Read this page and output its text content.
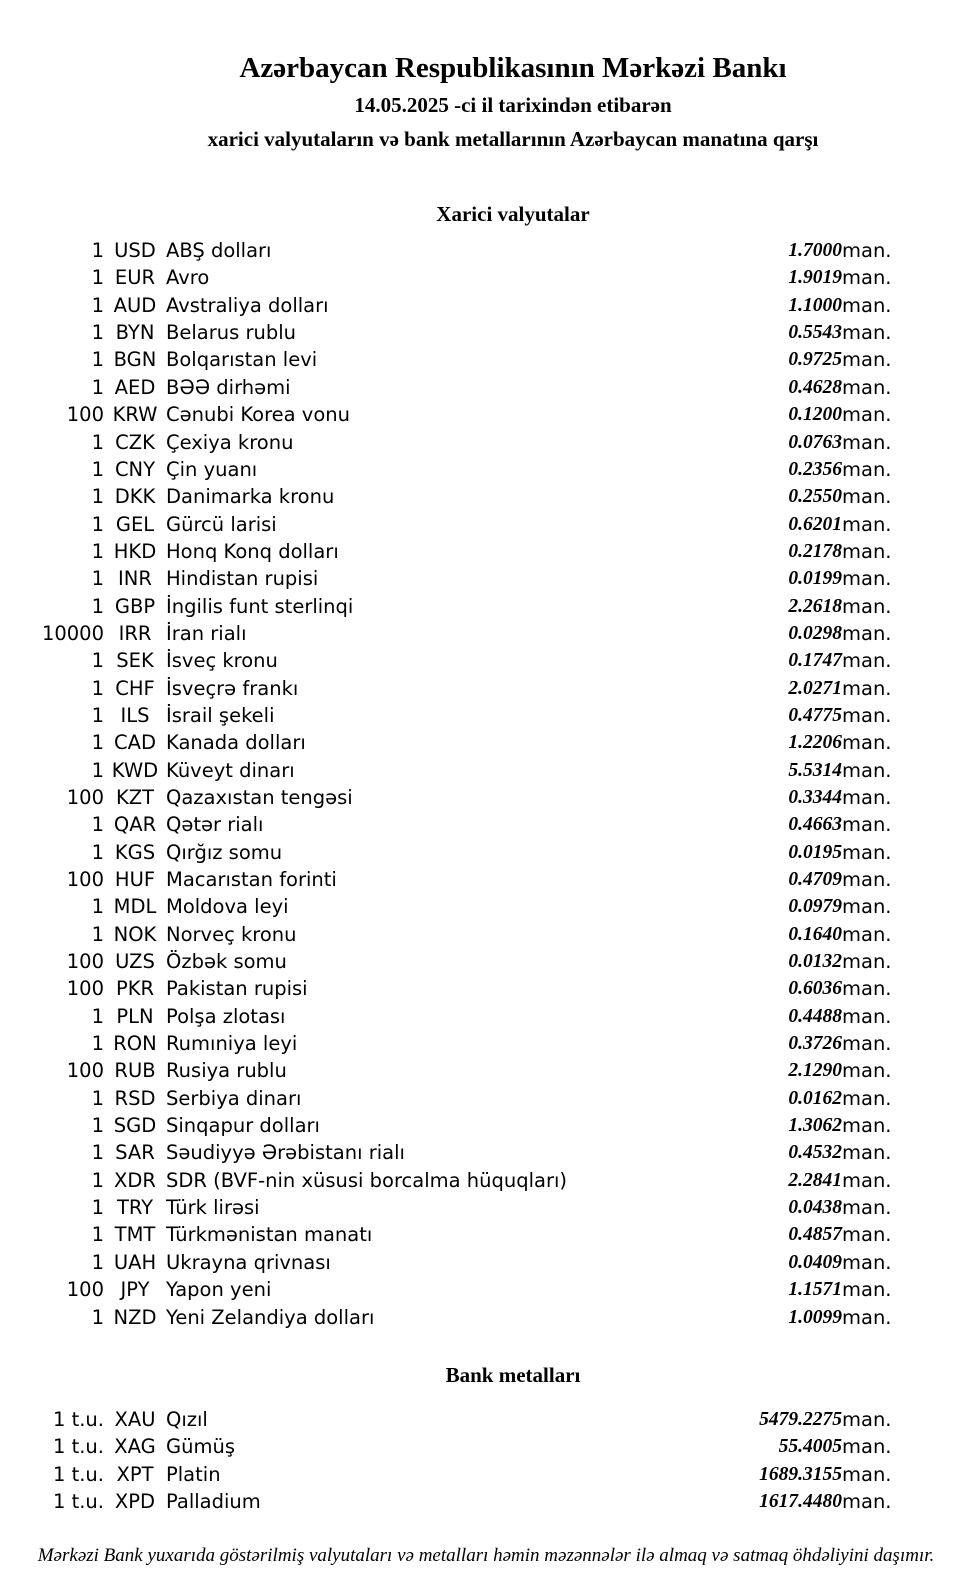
Azərbaycan Respublikasının Mərkəzi Bankı
14.05.2025 -ci il tarixindən etibarən
xarici valyutaların və bank metallarının Azərbaycan manatına qarşı
Xarici valyutalar
1	USD	ABŞ dolları	1.7000	man.
1	EUR	Avro	1.9019	man.
1	AUD	Avstraliya dolları	1.1000	man.
1	BYN	Belarus rublu	0.5543	man.
1	BGN	Bolqarıstan levi	0.9725	man.
1	AED	BƏƏ dirhəmi	0.4628	man.
100	KRW	Cənubi Korea vonu	0.1200	man.
1	CZK	Çexiya kronu	0.0763	man.
1	CNY	Çin yuanı	0.2356	man.
1	DKK	Danimarka kronu	0.2550	man.
1	GEL	Gürcü larisi	0.6201	man.
1	HKD	Honq Konq dolları	0.2178	man.
1	INR	Hindistan rupisi	0.0199	man.
1	GBP	İngilis funt sterlinqi	2.2618	man.
10000	IRR	İran rialı	0.0298	man.
1	SEK	İsveç kronu	0.1747	man.
1	CHF	İsveçrə frankı	2.0271	man.
1	ILS	İsrail şekeli	0.4775	man.
1	CAD	Kanada dolları	1.2206	man.
1	KWD	Küveyt dinarı	5.5314	man.
100	KZT	Qazaxıstan tengəsi	0.3344	man.
1	QAR	Qətər rialı	0.4663	man.
1	KGS	Qırğız somu	0.0195	man.
100	HUF	Macarıstan forinti	0.4709	man.
1	MDL	Moldova leyi	0.0979	man.
1	NOK	Norveç kronu	0.1640	man.
100	UZS	Özbək somu	0.0132	man.
100	PKR	Pakistan rupisi	0.6036	man.
1	PLN	Polşa zlotası	0.4488	man.
1	RON	Rumıniya leyi	0.3726	man.
100	RUB	Rusiya rublu	2.1290	man.
1	RSD	Serbiya dinarı	0.0162	man.
1	SGD	Sinqapur dolları	1.3062	man.
1	SAR	Səudiyyə Ərəbistanı rialı	0.4532	man.
1	XDR	SDR (BVF-nin xüsusi borcalma hüquqları)	2.2841	man.
1	TRY	Türk lirəsi	0.0438	man.
1	TMT	Türkmənistan manatı	0.4857	man.
1	UAH	Ukrayna qrivnası	0.0409	man.
100	JPY	Yapon yeni	1.1571	man.
1	NZD	Yeni Zelandiya dolları	1.0099	man.
Bank metalları
1 t.u.	XAU	Qızıl	5479.2275	man.
1 t.u.	XAG	Gümüş	55.4005	man.
1 t.u.	XPT	Platin	1689.3155	man.
1 t.u.	XPD	Palladium	1617.4480	man.
Mərkəzi Bank yuxarıda göstərilmiş valyutaları və metalları həmin məzənnələr ilə almaq və satmaq öhdəliyini daşımır.
